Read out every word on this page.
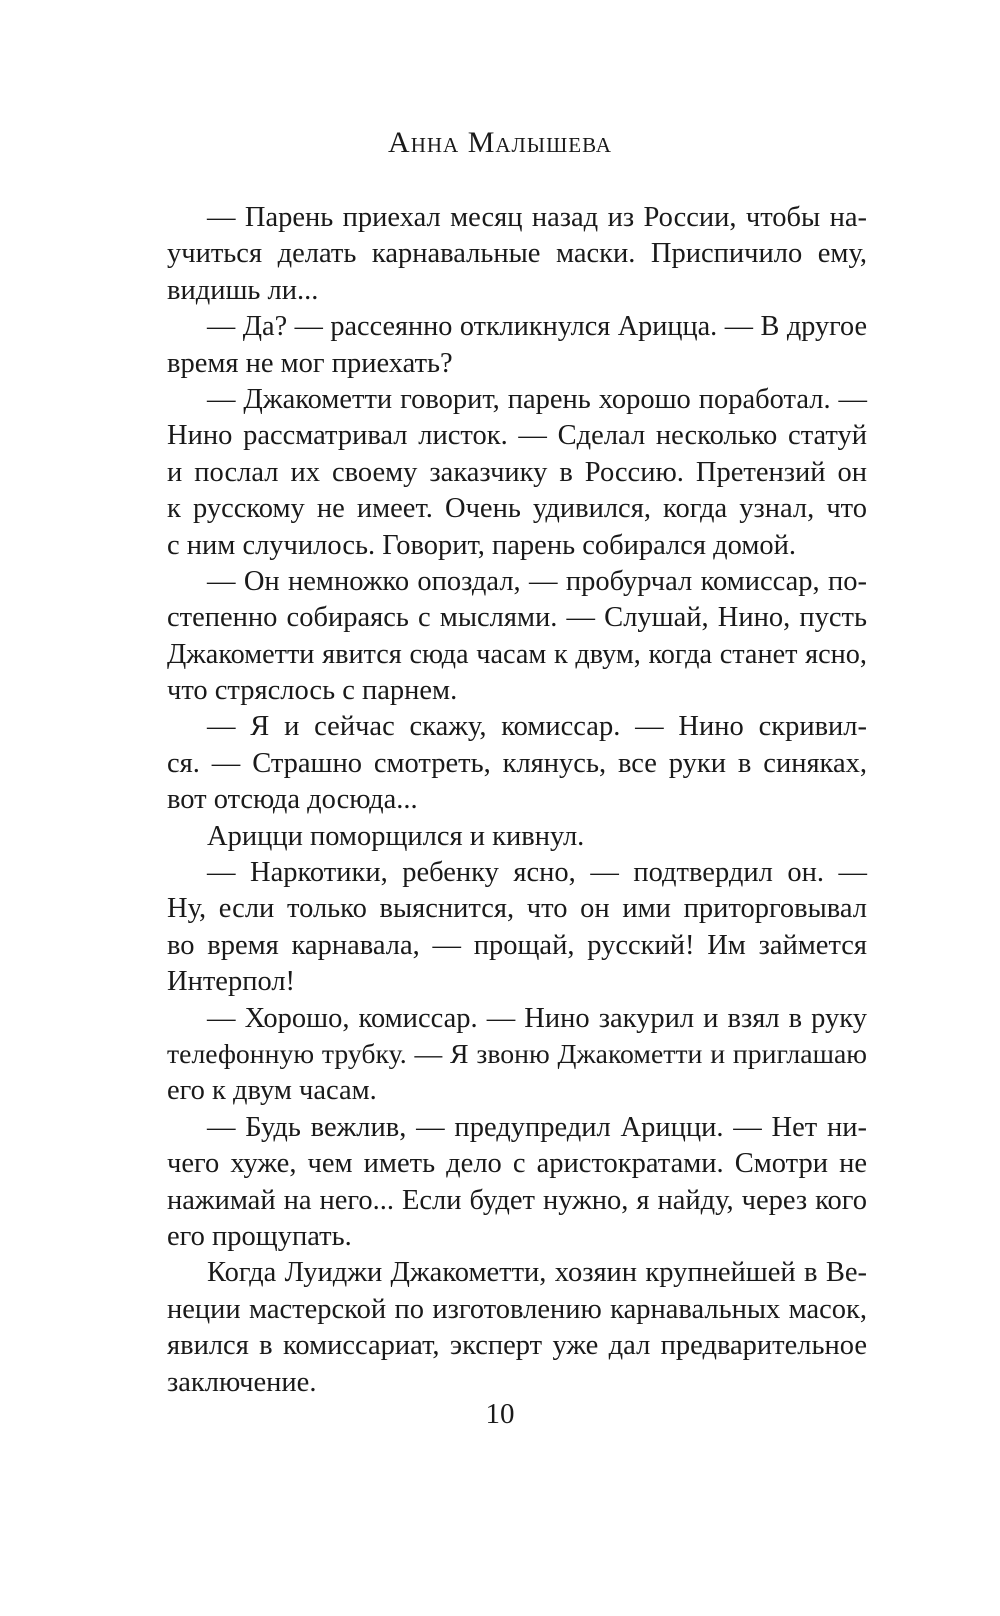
Анна Малышева
— Парень приехал месяц назад из России, чтобы на-
учиться делать карнавальные маски. Приспичило ему,
видишь ли...
— Да? — рассеянно откликнулся Арицца. — В другое
время не мог приехать?
— Джакометти говорит, парень хорошо поработал. —
Нино рассматривал листок. — Сделал несколько статуй
и послал их своему заказчику в Россию. Претензий он
к русскому не имеет. Очень удивился, когда узнал, что
с ним случилось. Говорит, парень собирался домой.
— Он немножко опоздал, — пробурчал комиссар, по-
степенно собираясь с мыслями. — Слушай, Нино, пусть
Джакометти явится сюда часам к двум, когда станет ясно,
что стряслось с парнем.
— Я и сейчас скажу, комиссар. — Нино скривил-
ся. — Страшно смотреть, клянусь, все руки в синяках,
вот отсюда досюда...
Арицци поморщился и кивнул.
— Наркотики, ребенку ясно, — подтвердил он. —
Ну, если только выяснится, что он ими приторговывал
во время карнавала, — прощай, русский! Им займется
Интерпол!
— Хорошо, комиссар. — Нино закурил и взял в руку
телефонную трубку. — Я звоню Джакометти и приглашаю
его к двум часам.
— Будь вежлив, — предупредил Арицци. — Нет ни-
чего хуже, чем иметь дело с аристократами. Смотри не
нажимай на него... Если будет нужно, я найду, через кого
его прощупать.
Когда Луиджи Джакометти, хозяин крупнейшей в Ве-
неции мастерской по изготовлению карнавальных масок,
явился в комиссариат, эксперт уже дал предварительное
заключение.
10
